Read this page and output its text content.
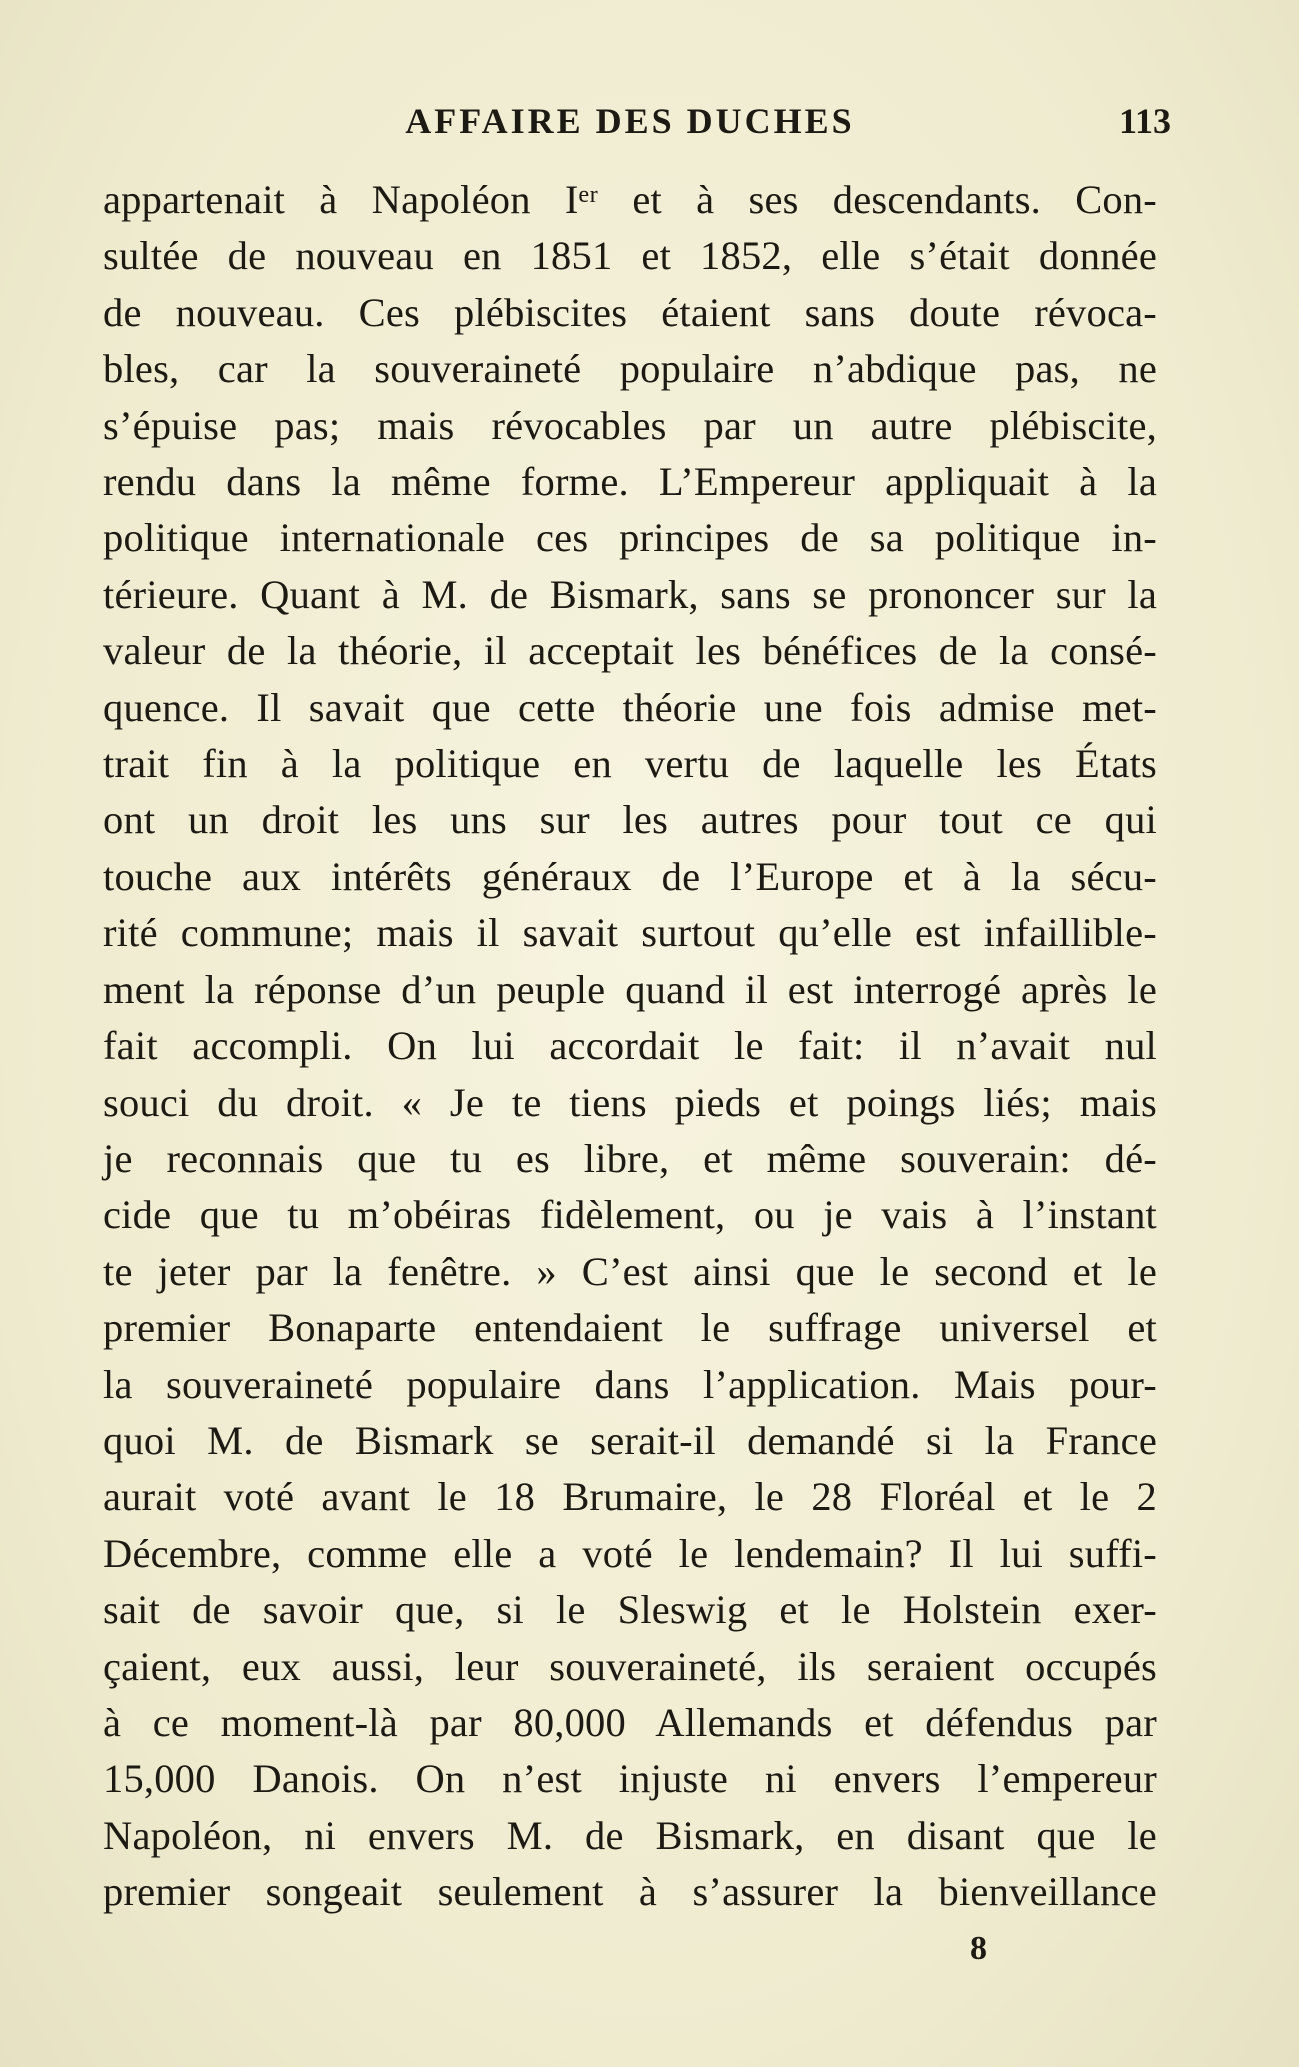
AFFAIRE DES DUCHES	113
appartenait à Napoléon Iᵉʳ et à ses descendants. Con-
sultée de nouveau en 1851 et 1852, elle s’était donnée
de nouveau. Ces plébiscites étaient sans doute révoca-
bles, car la souveraineté populaire n’abdique pas, ne
s’épuise pas; mais révocables par un autre plébiscite,
rendu dans la même forme. L’Empereur appliquait à la
politique internationale ces principes de sa politique in-
térieure. Quant à M. de Bismark, sans se prononcer sur la
valeur de la théorie, il acceptait les bénéfices de la consé-
quence. Il savait que cette théorie une fois admise met-
trait fin à la politique en vertu de laquelle les États
ont un droit les uns sur les autres pour tout ce qui
touche aux intérêts généraux de l’Europe et à la sécu-
rité commune; mais il savait surtout qu’elle est infaillible-
ment la réponse d’un peuple quand il est interrogé après le
fait accompli. On lui accordait le fait: il n’avait nul
souci du droit. « Je te tiens pieds et poings liés; mais
je reconnais que tu es libre, et même souverain: dé-
cide que tu m’obéiras fidèlement, ou je vais à l’instant
te jeter par la fenêtre. » C’est ainsi que le second et le
premier Bonaparte entendaient le suffrage universel et
la souveraineté populaire dans l’application. Mais pour-
quoi M. de Bismark se serait-il demandé si la France
aurait voté avant le 18 Brumaire, le 28 Floréal et le 2
Décembre, comme elle a voté le lendemain? Il lui suffi-
sait de savoir que, si le Sleswig et le Holstein exer-
çaient, eux aussi, leur souveraineté, ils seraient occupés
à ce moment-là par 80,000 Allemands et défendus par
15,000 Danois. On n’est injuste ni envers l’empereur
Napoléon, ni envers M. de Bismark, en disant que le
premier songeait seulement à s’assurer la bienveillance
8
